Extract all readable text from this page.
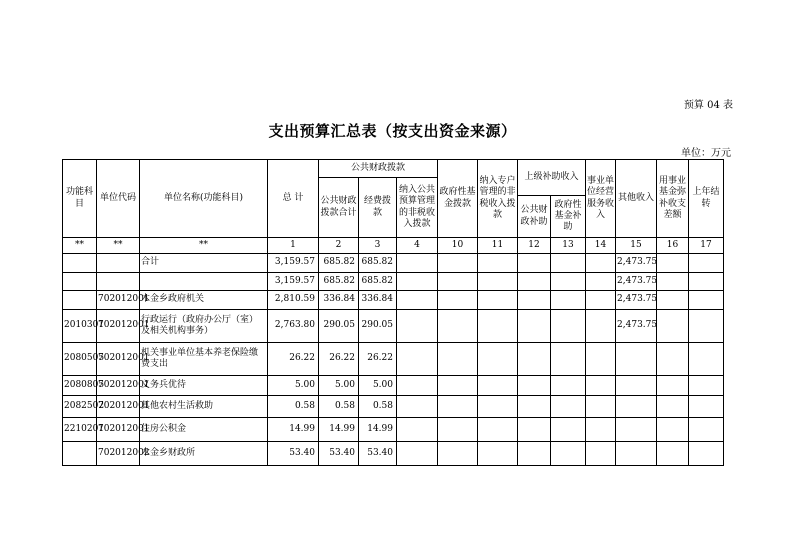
预算 04 表
支出预算汇总表（按支出资金来源）
单位：万元
功能科目	单位代码	单位名称(功能科目)	总 计	公共财政拨款			政府性基金拨款	纳入专户管理的非税收入拨款	上级补助收入		事业单位经营服务收入	其他收入	用事业基金弥补收支差额	上年结转
				公共财政拨款合计	经费拨款	纳入公共预算管理的非税收入拨款								
									公共财政补助	政府性基金补助				
**	**	**	1	2	3	4	10	11	12	13	14	15	16	17
		合计	3,159.57	685.82	685.82							2,473.75		
			3,159.57	685.82	685.82							2,473.75		
	702012001	木金乡政府机关	2,810.59	336.84	336.84							2,473.75		
2010301	702012001	行政运行（政府办公厅（室）及相关机构事务）	2,763.80	290.05	290.05							2,473.75		
2080505	702012001	机关事业单位基本养老保险缴费支出	26.22	26.22	26.22									
2080805	702012001	义务兵优待	5.00	5.00	5.00									
2082502	702012001	其他农村生活救助	0.58	0.58	0.58									
2210201	702012001	住房公积金	14.99	14.99	14.99									
	702012002	木金乡财政所	53.40	53.40	53.40									
